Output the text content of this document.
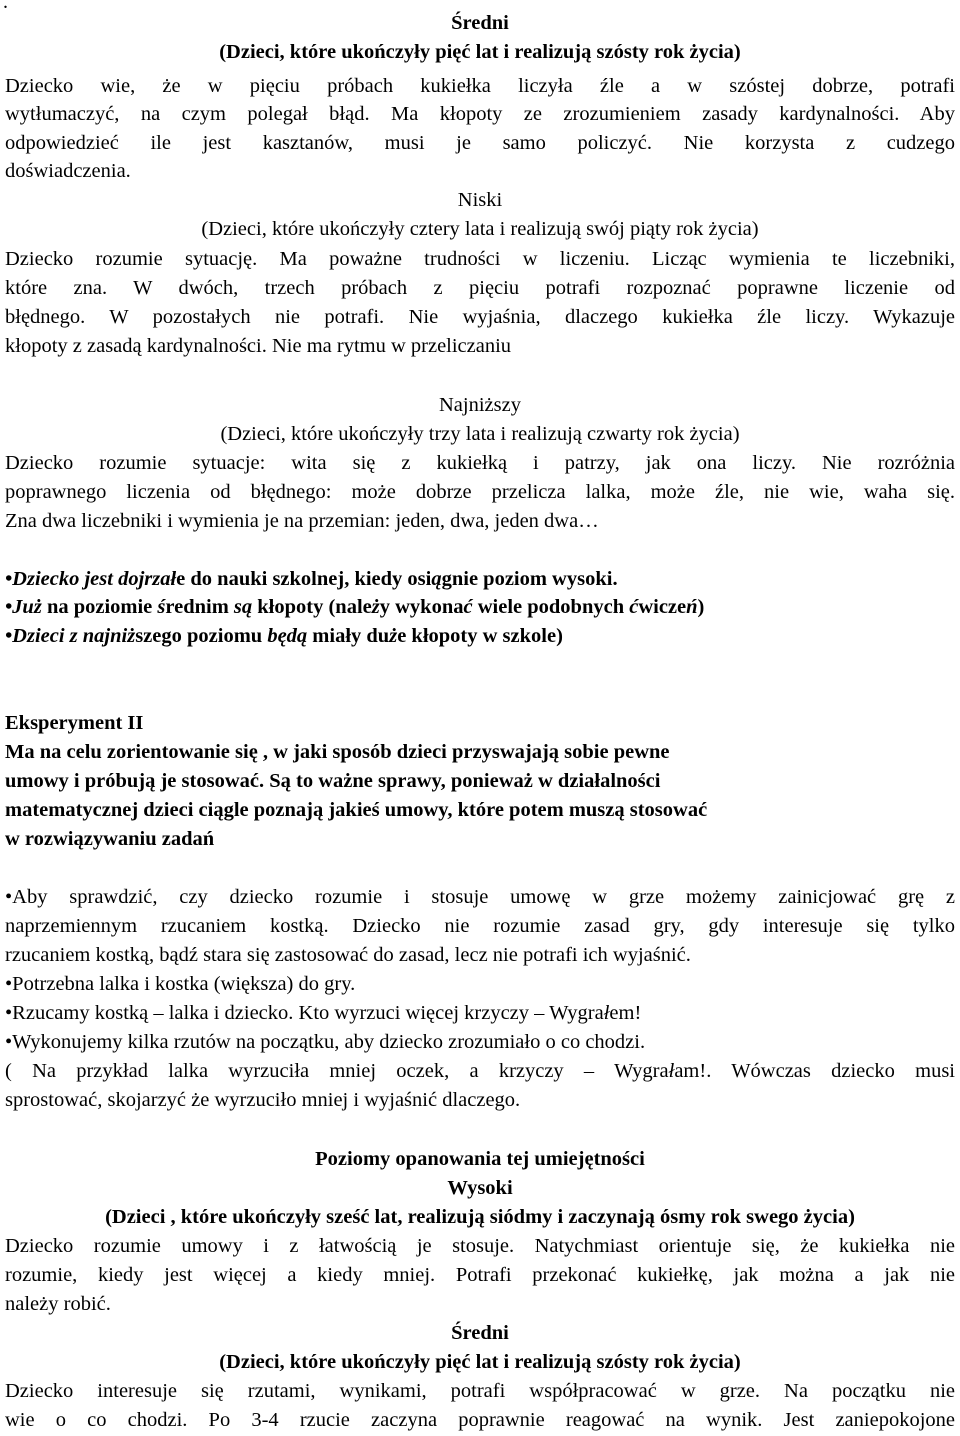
.
Średni
(Dzieci, które ukończyły pięć lat i realizują szósty rok życia)
Dziecko wie, że w pięciu próbach kukiełka liczyła źle a w szóstej dobrze, potrafi
wytłumaczyć, na czym polegał błąd. Ma kłopoty ze zrozumieniem zasady kardynalności. Aby
odpowiedzieć ile jest kasztanów, musi je samo policzyć. Nie korzysta z cudzego
doświadczenia.
Niski
(Dzieci, które ukończyły cztery lata i realizują swój piąty rok życia)
Dziecko rozumie sytuację. Ma poważne trudności w liczeniu. Licząc wymienia te liczebniki,
które zna. W dwóch, trzech próbach z pięciu potrafi rozpoznać poprawne liczenie od
błędnego. W pozostałych nie potrafi. Nie wyjaśnia, dlaczego kukiełka źle liczy. Wykazuje
kłopoty z zasadą kardynalności. Nie ma rytmu w przeliczaniu
Najniższy
(Dzieci, które ukończyły trzy lata i realizują czwarty rok życia)
Dziecko rozumie sytuacje: wita się z kukiełką i patrzy, jak ona liczy. Nie rozróżnia
poprawnego liczenia od błędnego: może dobrze przelicza lalka, może źle, nie wie, waha się.
Zna dwa liczebniki i wymienia je na przemian: jeden, dwa, jeden dwa…
•Dziecko jest dojrzałe do nauki szkolnej, kiedy osiągnie poziom wysoki.
•Już na poziomie średnim są kłopoty (należy wykonać wiele podobnych ćwiczeń)
•Dzieci z najniższego poziomu będą miały duże kłopoty w szkole)
Eksperyment II
Ma na celu zorientowanie się , w jaki sposób dzieci przyswajają sobie pewne
umowy i próbują je stosować. Są to ważne sprawy, ponieważ w działalności
matematycznej dzieci ciągle poznają jakieś umowy, które potem muszą stosować
w rozwiązywaniu zadań
•Aby sprawdzić, czy dziecko rozumie i stosuje umowę w grze możemy zainicjować grę z
naprzemiennym rzucaniem kostką. Dziecko nie rozumie zasad gry, gdy interesuje się tylko
rzucaniem kostką, bądź stara się zastosować do zasad, lecz nie potrafi ich wyjaśnić.
•Potrzebna lalka i kostka (większa) do gry.
•Rzucamy kostką – lalka i dziecko. Kto wyrzuci więcej krzyczy – Wygrałem!
•Wykonujemy kilka rzutów na początku, aby dziecko zrozumiało o co chodzi.
( Na przykład lalka wyrzuciła mniej oczek, a krzyczy – Wygrałam!. Wówczas dziecko musi
sprostować, skojarzyć że wyrzuciło mniej i wyjaśnić dlaczego.
Poziomy opanowania tej umiejętności
Wysoki
(Dzieci , które ukończyły sześć lat, realizują siódmy i zaczynają ósmy rok swego życia)
Dziecko rozumie umowy i z łatwością je stosuje. Natychmiast orientuje się, że kukiełka nie
rozumie, kiedy jest więcej a kiedy mniej. Potrafi przekonać kukiełkę, jak można a jak nie
należy robić.
Średni
(Dzieci, które ukończyły pięć lat i realizują szósty rok życia)
Dziecko interesuje się rzutami, wynikami, potrafi współpracować w grze. Na początku nie
wie o co chodzi. Po 3-4 rzucie zaczyna poprawnie reagować na wynik. Jest zaniepokojone
